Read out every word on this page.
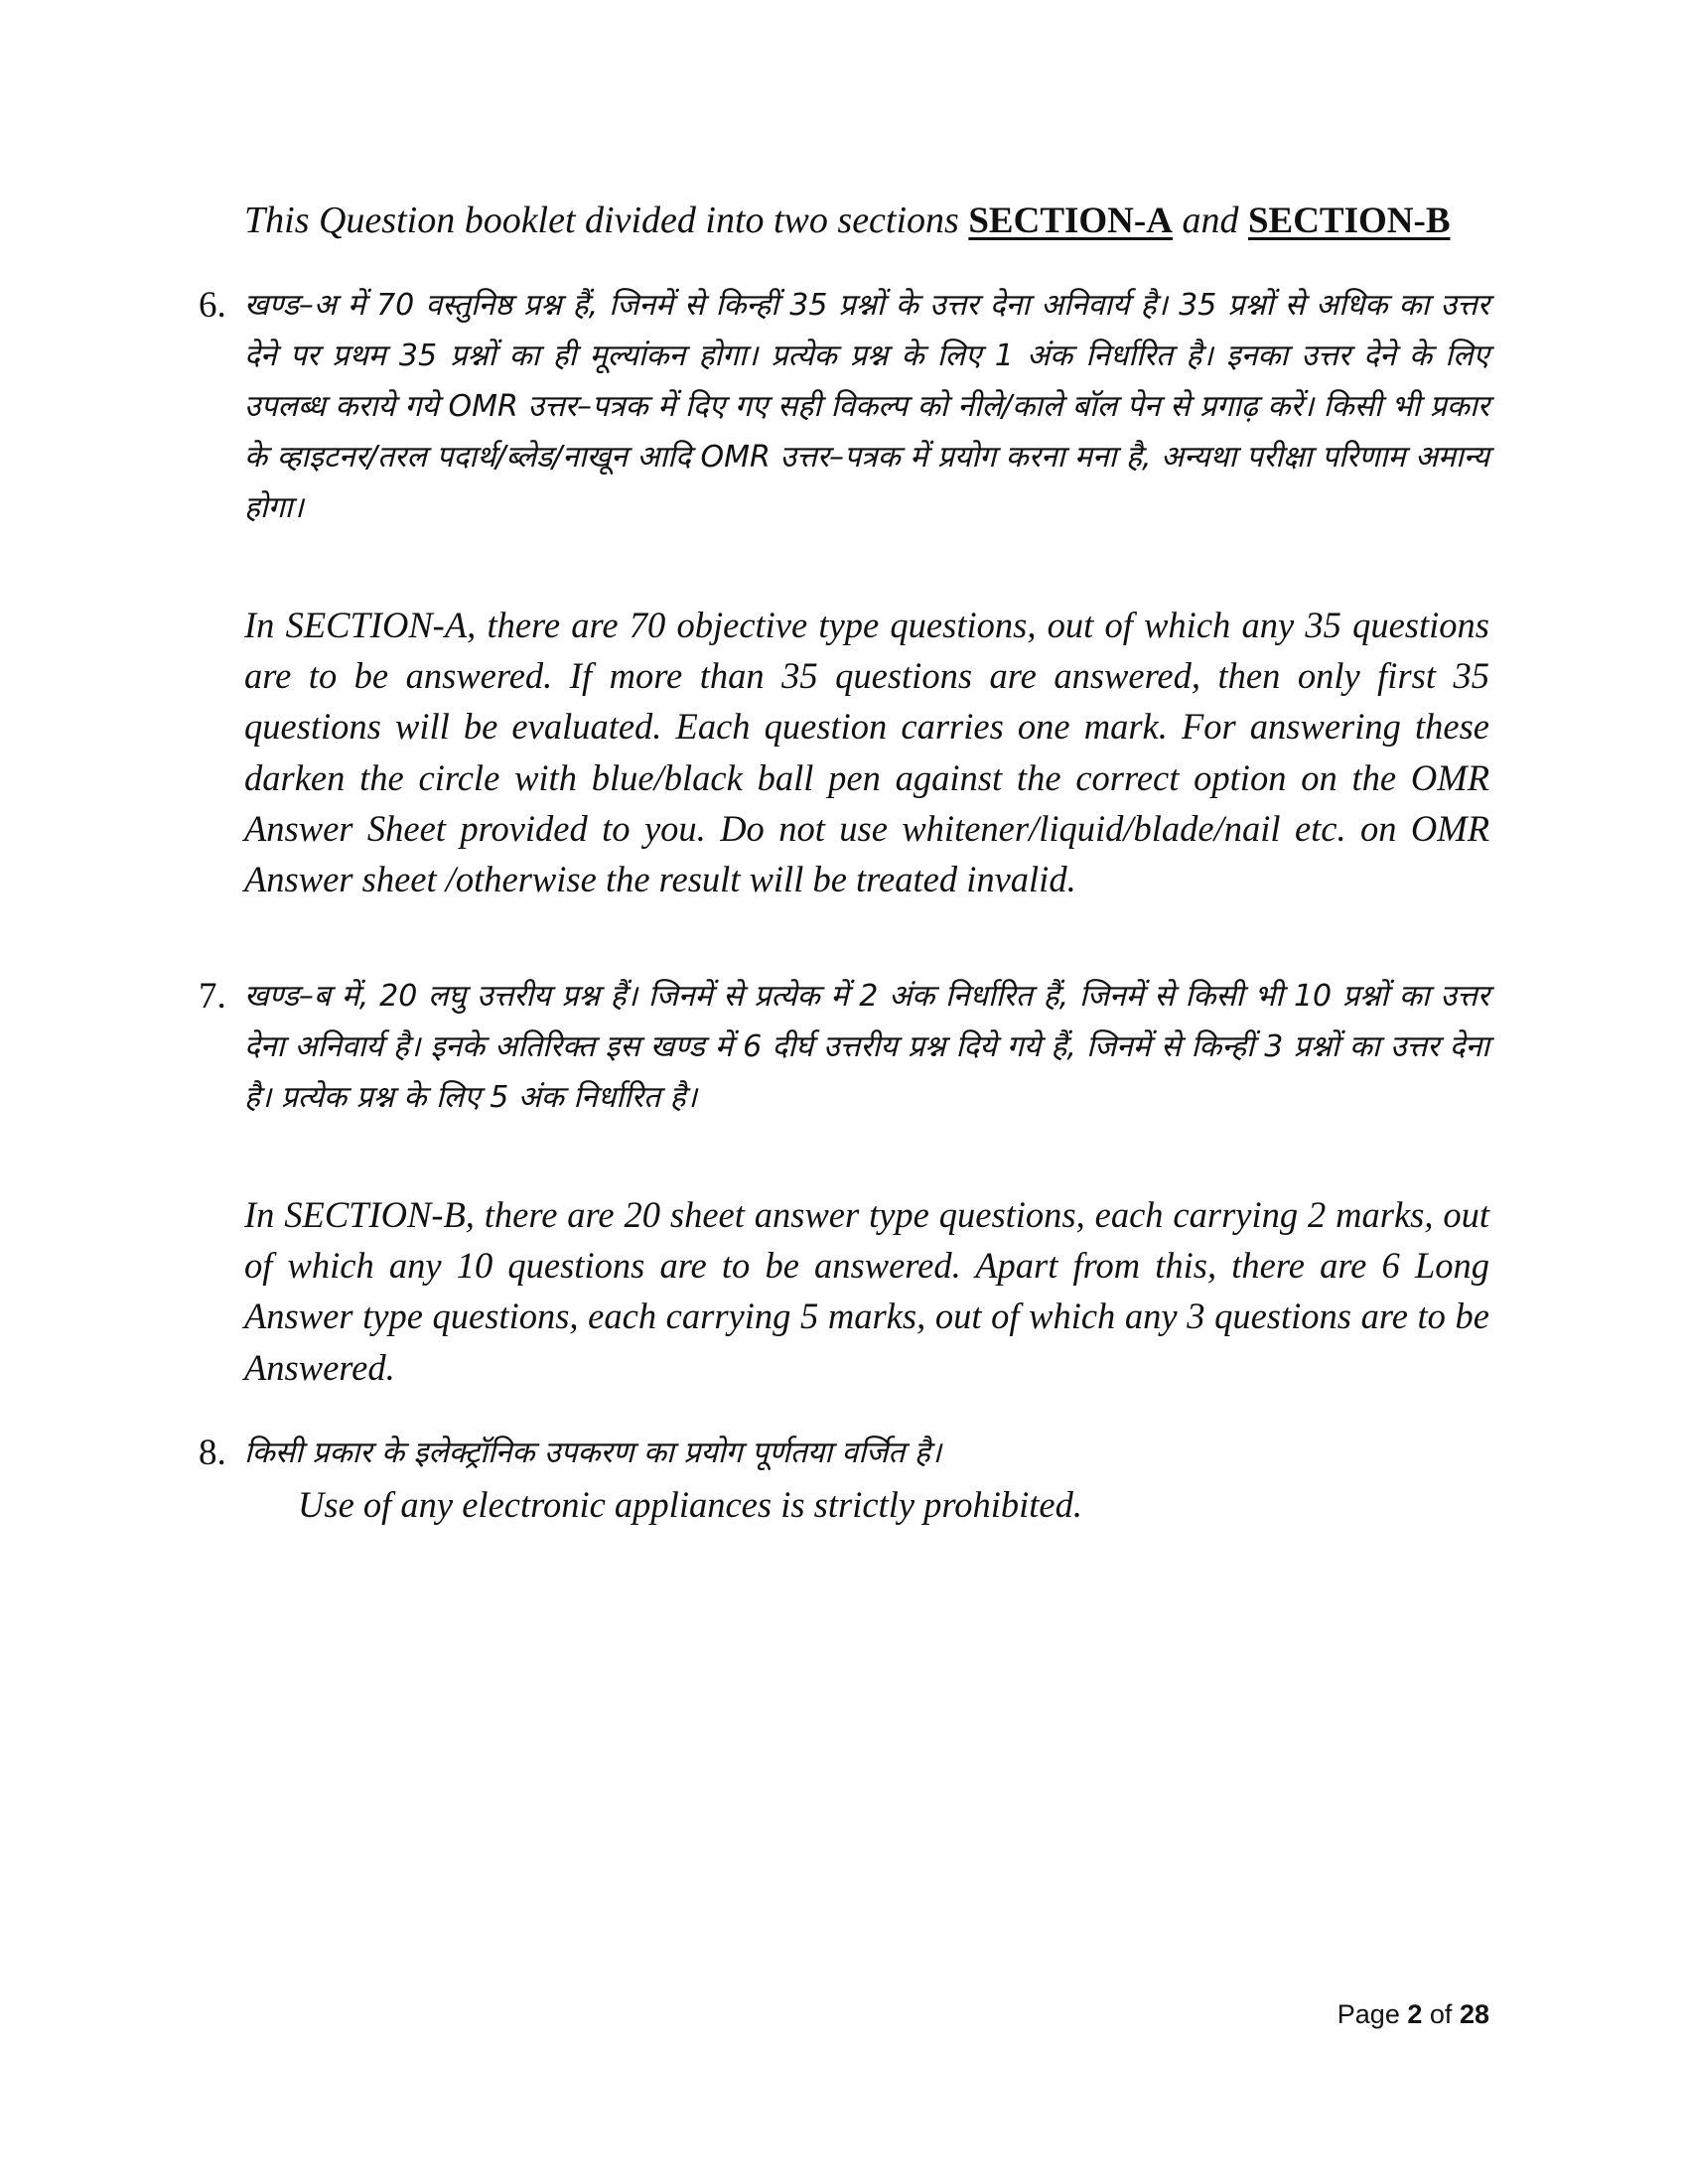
This Question booklet divided into two sections SECTION-A and SECTION-B
6. खण्ड–अ में 70 वस्तुनिष्ठ प्रश्न हैं, जिनमें से किन्हीं 35 प्रश्नों के उत्तर देना अनिवार्य है। 35 प्रश्नों से अधिक का उत्तर देने पर प्रथम 35 प्रश्नों का ही मूल्यांकन होगा। प्रत्येक प्रश्न के लिए 1 अंक निर्धारित है। इनका उत्तर देने के लिए उपलब्ध कराये गये OMR उत्तर–पत्रक में दिए गए सही विकल्प को नीले/काले बॉल पेन से प्रगाढ़ करें। किसी भी प्रकार के व्हाइटनर/तरल पदार्थ/ब्लेड/नाखून आदि OMR उत्तर–पत्रक में प्रयोग करना मना है, अन्यथा परीक्षा परिणाम अमान्य होगा।
In SECTION-A, there are 70 objective type questions, out of which any 35 questions are to be answered. If more than 35 questions are answered, then only first 35 questions will be evaluated. Each question carries one mark. For answering these darken the circle with blue/black ball pen against the correct option on the OMR Answer Sheet provided to you. Do not use whitener/liquid/blade/nail etc. on OMR Answer sheet /otherwise the result will be treated invalid.
7. खण्ड–ब में, 20 लघु उत्तरीय प्रश्न हैं। जिनमें से प्रत्येक में 2 अंक निर्धारित हैं, जिनमें से किसी भी 10 प्रश्नों का उत्तर देना अनिवार्य है। इनके अतिरिक्त इस खण्ड में 6 दीर्घ उत्तरीय प्रश्न दिये गये हैं, जिनमें से किन्हीं 3 प्रश्नों का उत्तर देना है। प्रत्येक प्रश्न के लिए 5 अंक निर्धारित है।
In SECTION-B, there are 20 sheet answer type questions, each carrying 2 marks, out of which any 10 questions are to be answered. Apart from this, there are 6 Long Answer type questions, each carrying 5 marks, out of which any 3 questions are to be Answered.
8. किसी प्रकार के इलेक्ट्रॉनिक उपकरण का प्रयोग पूर्णतया वर्जित है।
Use of any electronic appliances is strictly prohibited.
Page 2 of 28
